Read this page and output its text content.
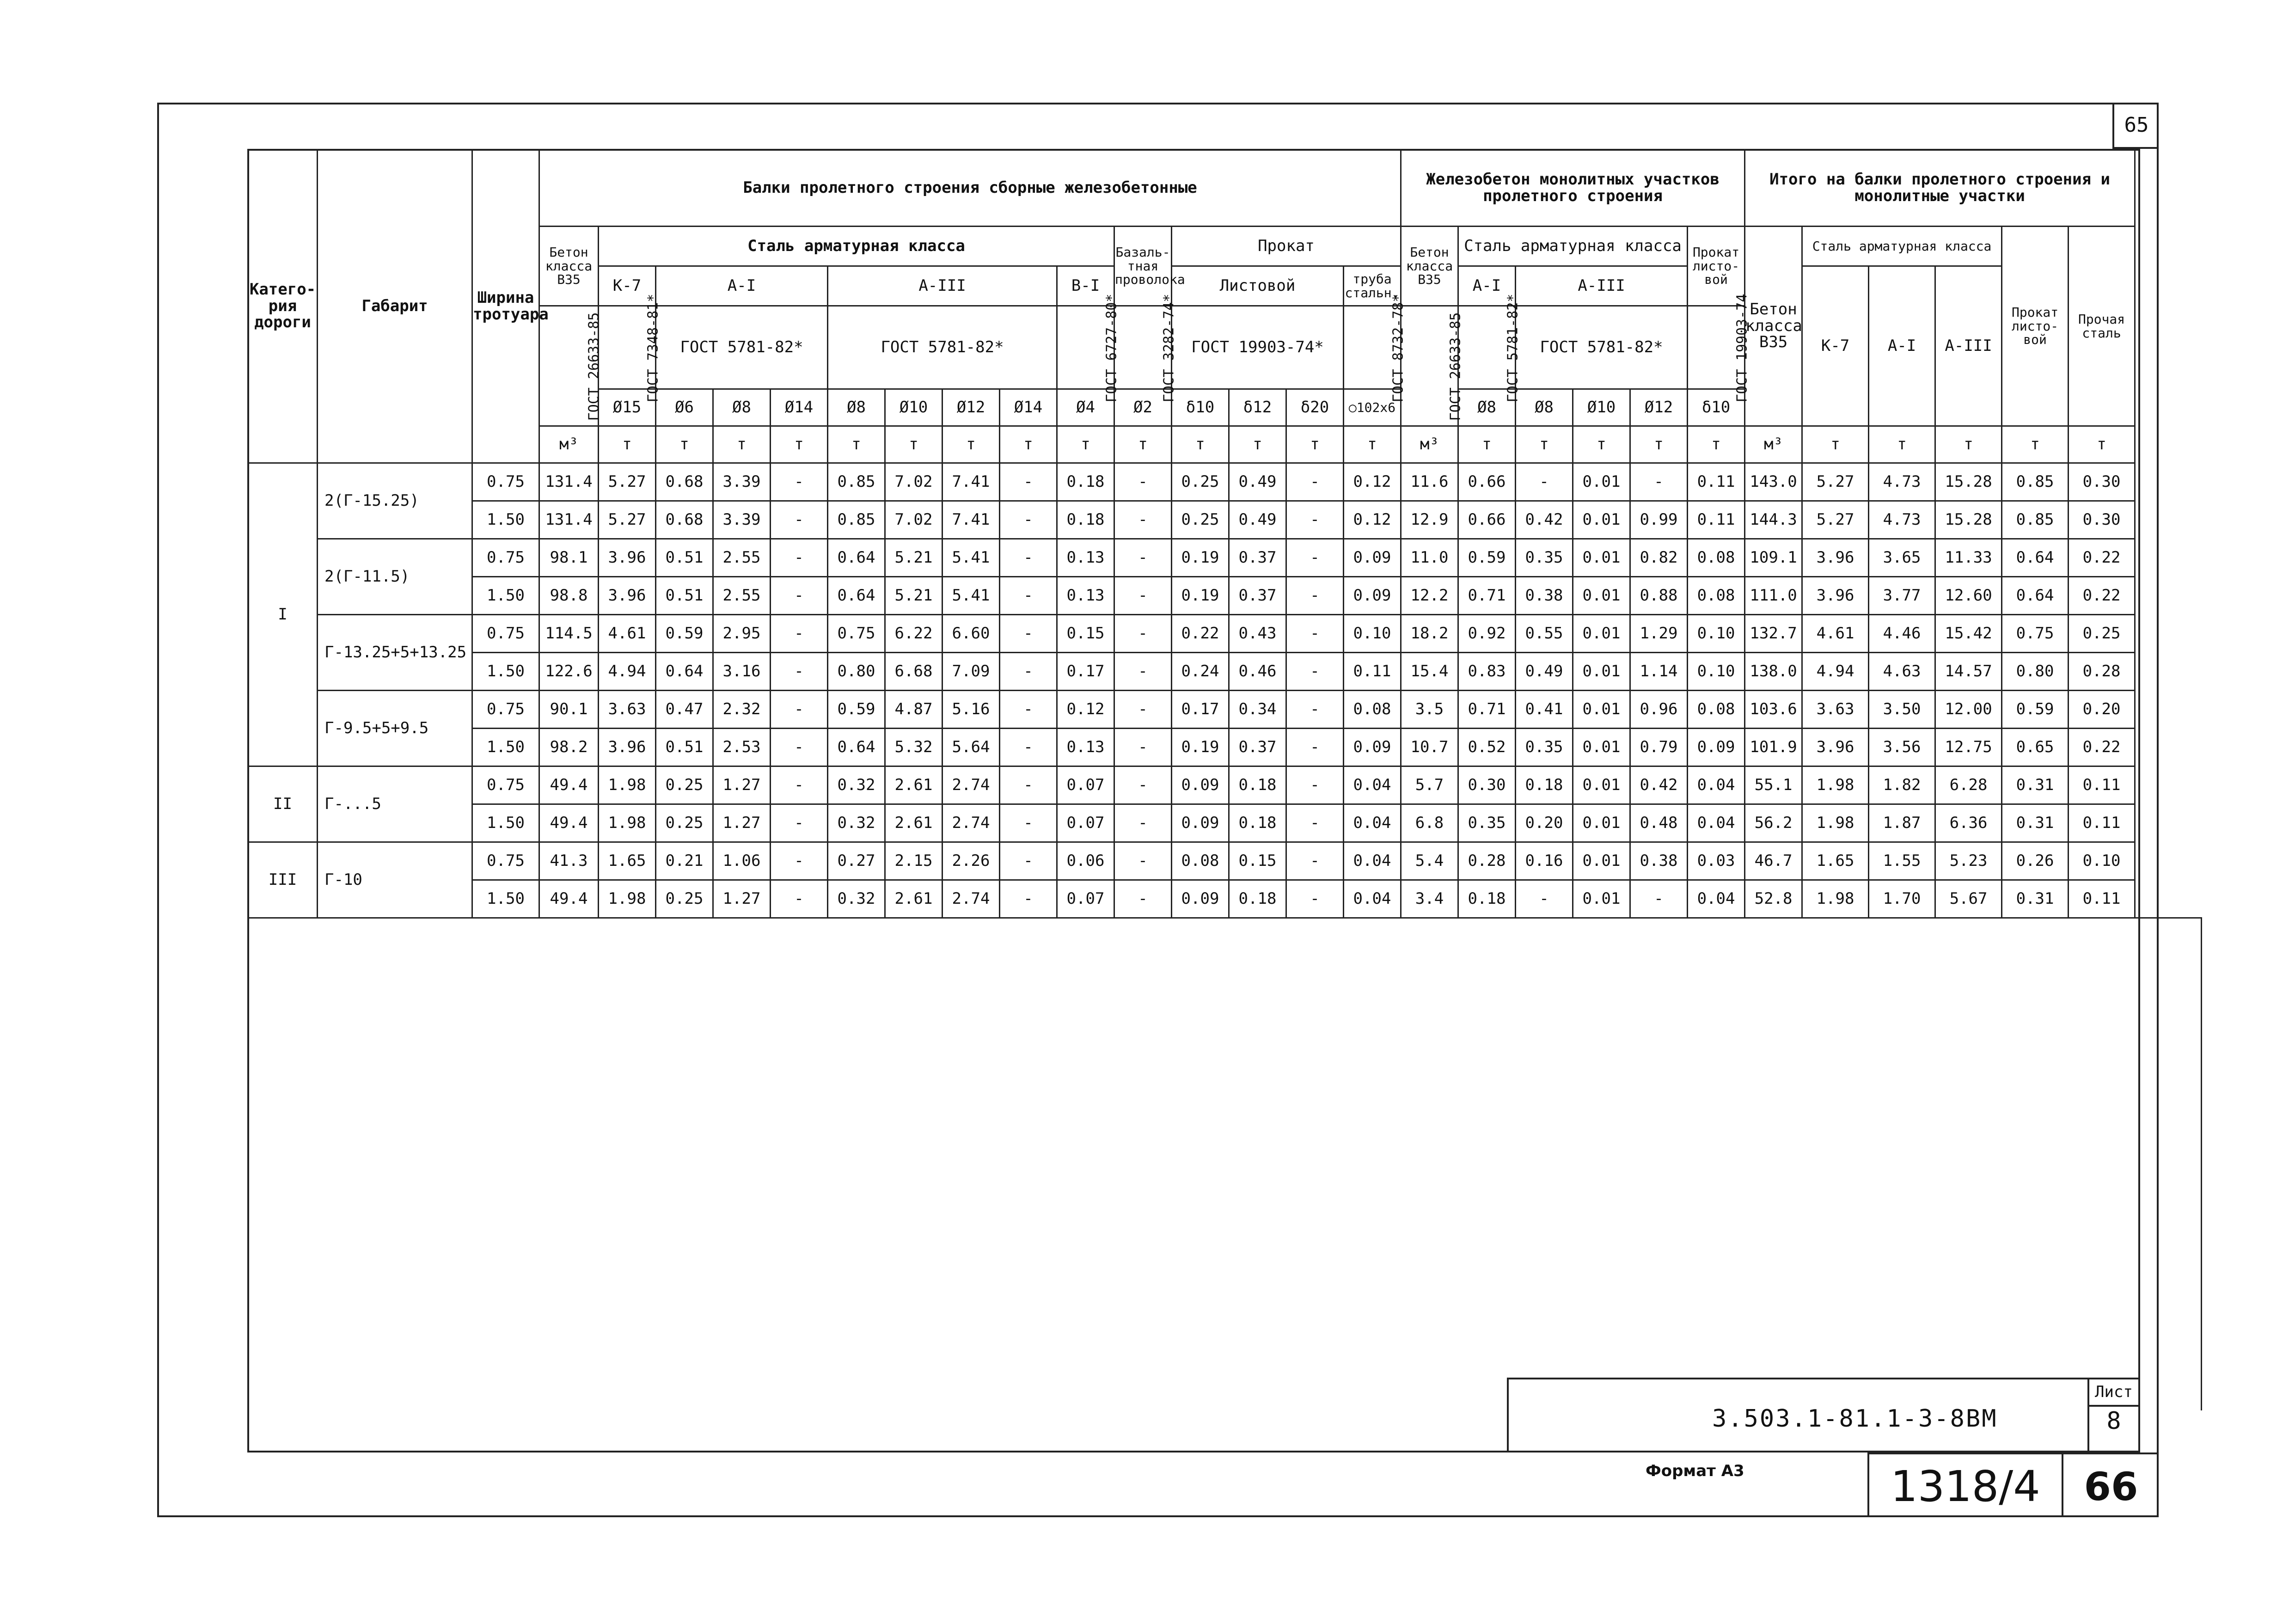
65
Катего-рия дороги	Габарит	Ширина тротуара	Балки пролетного строения сборные железобетонные															Железобетон монолитных участков пролетного строения						Итого на балки пролетного строения и монолитные участки					
			Бетон класса B35	Сталь арматурная класса									Базаль-тная проволока	Прокат				Бетон класса B35	Сталь арматурная класса				Прокат листо-вой	Бетон класса B35	Сталь арматурная класса			Прокат листо-вой	Прочая сталь
				К-7	А-I			А-III				В-I		Листовой			труба стальн.		А-I	А-III					К-7	А-I	А-III		
			ГОСТ 26633-85	ГОСТ 7348-81*	ГОСТ 5781-82*			ГОСТ 5781-82*				ГОСТ 6727-80*	ГОСТ 3282-74*	ГОСТ 19903-74*			ГОСТ 8732-78*	ГОСТ 26633-85	ГОСТ 5781-82*	ГОСТ 5781-82*			ГОСТ 19903-74						
				Ø15	Ø6	Ø8	Ø14	Ø8	Ø10	Ø12	Ø14	Ø4	Ø2	δ10	δ12	δ20	○102х6		Ø8	Ø8	Ø10	Ø12	δ10						
			м³	т	т	т	т	т	т	т	т	т	т	т	т	т	т	м³	т	т	т	т	т	м³	т	т	т	т	т
I	2(Г-15.25)	0.75	131.4	5.27	0.68	3.39	-	0.85	7.02	7.41	-	0.18	-	0.25	0.49	-	0.12	11.6	0.66	-	0.01	-	0.11	143.0	5.27	4.73	15.28	0.85	0.30
		1.50	131.4	5.27	0.68	3.39	-	0.85	7.02	7.41	-	0.18	-	0.25	0.49	-	0.12	12.9	0.66	0.42	0.01	0.99	0.11	144.3	5.27	4.73	15.28	0.85	0.30
	2(Г-11.5)	0.75	98.1	3.96	0.51	2.55	-	0.64	5.21	5.41	-	0.13	-	0.19	0.37	-	0.09	11.0	0.59	0.35	0.01	0.82	0.08	109.1	3.96	3.65	11.33	0.64	0.22
		1.50	98.8	3.96	0.51	2.55	-	0.64	5.21	5.41	-	0.13	-	0.19	0.37	-	0.09	12.2	0.71	0.38	0.01	0.88	0.08	111.0	3.96	3.77	12.60	0.64	0.22
	Г-13.25+5+13.25	0.75	114.5	4.61	0.59	2.95	-	0.75	6.22	6.60	-	0.15	-	0.22	0.43	-	0.10	18.2	0.92	0.55	0.01	1.29	0.10	132.7	4.61	4.46	15.42	0.75	0.25
		1.50	122.6	4.94	0.64	3.16	-	0.80	6.68	7.09	-	0.17	-	0.24	0.46	-	0.11	15.4	0.83	0.49	0.01	1.14	0.10	138.0	4.94	4.63	14.57	0.80	0.28
	Г-9.5+5+9.5	0.75	90.1	3.63	0.47	2.32	-	0.59	4.87	5.16	-	0.12	-	0.17	0.34	-	0.08	3.5	0.71	0.41	0.01	0.96	0.08	103.6	3.63	3.50	12.00	0.59	0.20
		1.50	98.2	3.96	0.51	2.53	-	0.64	5.32	5.64	-	0.13	-	0.19	0.37	-	0.09	10.7	0.52	0.35	0.01	0.79	0.09	101.9	3.96	3.56	12.75	0.65	0.22
II	Г-...5	0.75	49.4	1.98	0.25	1.27	-	0.32	2.61	2.74	-	0.07	-	0.09	0.18	-	0.04	5.7	0.30	0.18	0.01	0.42	0.04	55.1	1.98	1.82	6.28	0.31	0.11
		1.50	49.4	1.98	0.25	1.27	-	0.32	2.61	2.74	-	0.07	-	0.09	0.18	-	0.04	6.8	0.35	0.20	0.01	0.48	0.04	56.2	1.98	1.87	6.36	0.31	0.11
III	Г-10	0.75	41.3	1.65	0.21	1.06	-	0.27	2.15	2.26	-	0.06	-	0.08	0.15	-	0.04	5.4	0.28	0.16	0.01	0.38	0.03	46.7	1.65	1.55	5.23	0.26	0.10
		1.50	49.4	1.98	0.25	1.27	-	0.32	2.61	2.74	-	0.07	-	0.09	0.18	-	0.04	3.4	0.18	-	0.01	-	0.04	52.8	1.98	1.70	5.67	0.31	0.11

3.503.1-81.1-3-8ВМ
Лист
8
Формат А3	1318/4	66
